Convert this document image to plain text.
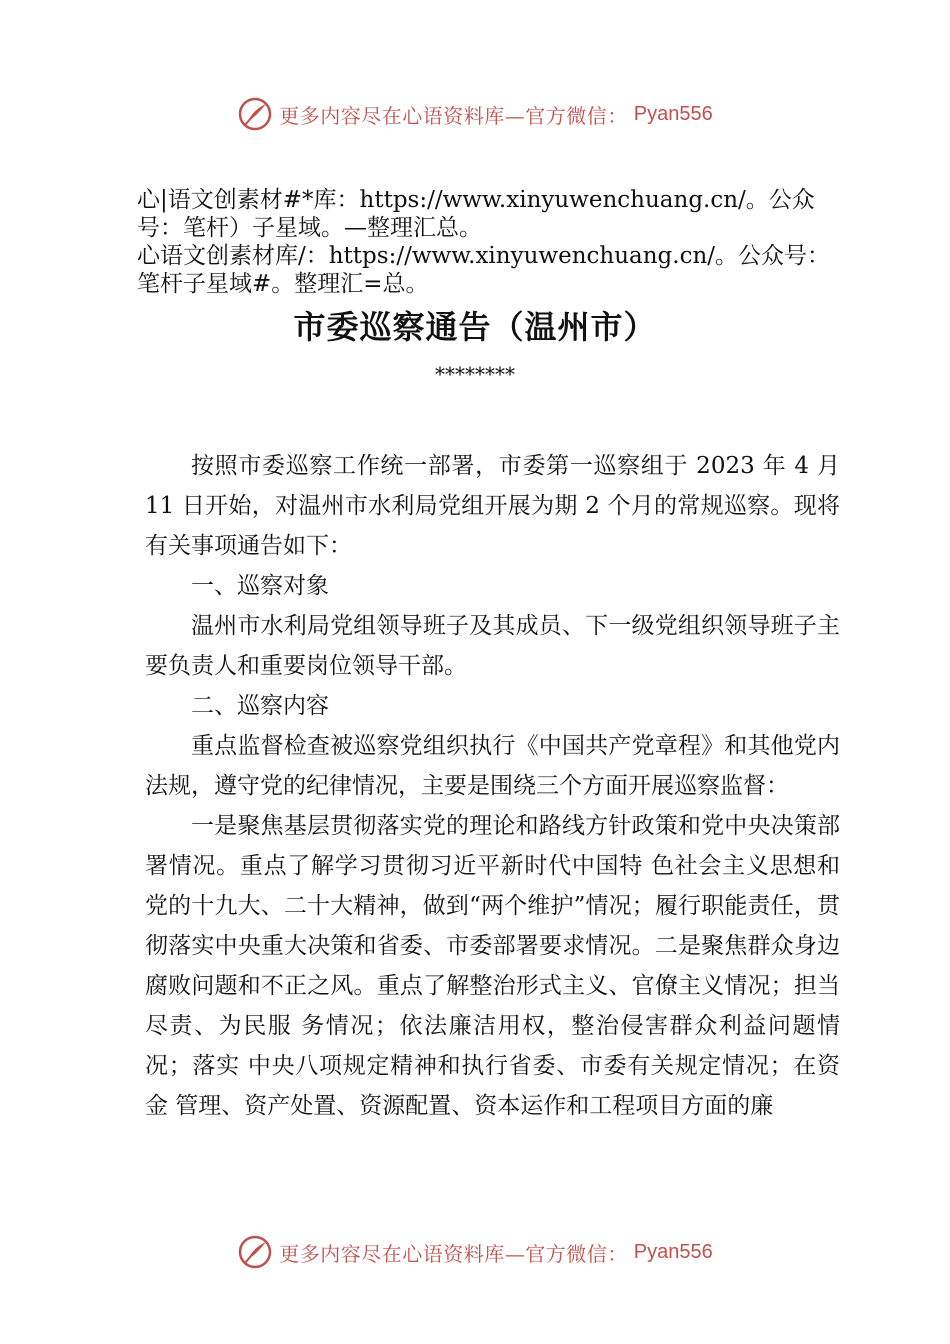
更多内容尽在心语资料库—官方微信： Pyan556
心|语文创素材#*库：https://www.xinyuwenchuang.cn/。公众
号：笔杆）子星域。—整理汇总。
心语文创素材库/：https://www.xinyuwenchuang.cn/。公众号：
笔杆子星域#。整理汇=总。
市委巡察通告（温州市）
********

按照市委巡察工作统一部署，市委第一巡察组于 2023 年 4 月 11 日开始，对温州市水利局党组开展为期 2 个月的常规巡察。现将有关事项通告如下：

一、巡察对象

温州市水利局党组领导班子及其成员、下一级党组织领导班子主要负责人和重要岗位领导干部。

二、巡察内容

重点监督检查被巡察党组织执行《中国共产党章程》和其他党内法规，遵守党的纪律情况，主要是围绕三个方面开展巡察监督：

一是聚焦基层贯彻落实党的理论和路线方针政策和党中央决策部署情况。重点了解学习贯彻习近平新时代中国特 色社会主义思想和党的十九大、二十大精神，做到“两个维护”情况；履行职能责任，贯彻落实中央重大决策和省委、市委部署要求情况。二是聚焦群众身边腐败问题和不正之风。重点了解整治形式主义、官僚主义情况；担当尽责、为民服 务情况；依法廉洁用权，整治侵害群众利益问题情况；落实 中央八项规定精神和执行省委、市委有关规定情况；在资金 管理、资产处置、资源配置、资本运作和工程项目方面的廉

更多内容尽在心语资料库—官方微信： Pyan556
